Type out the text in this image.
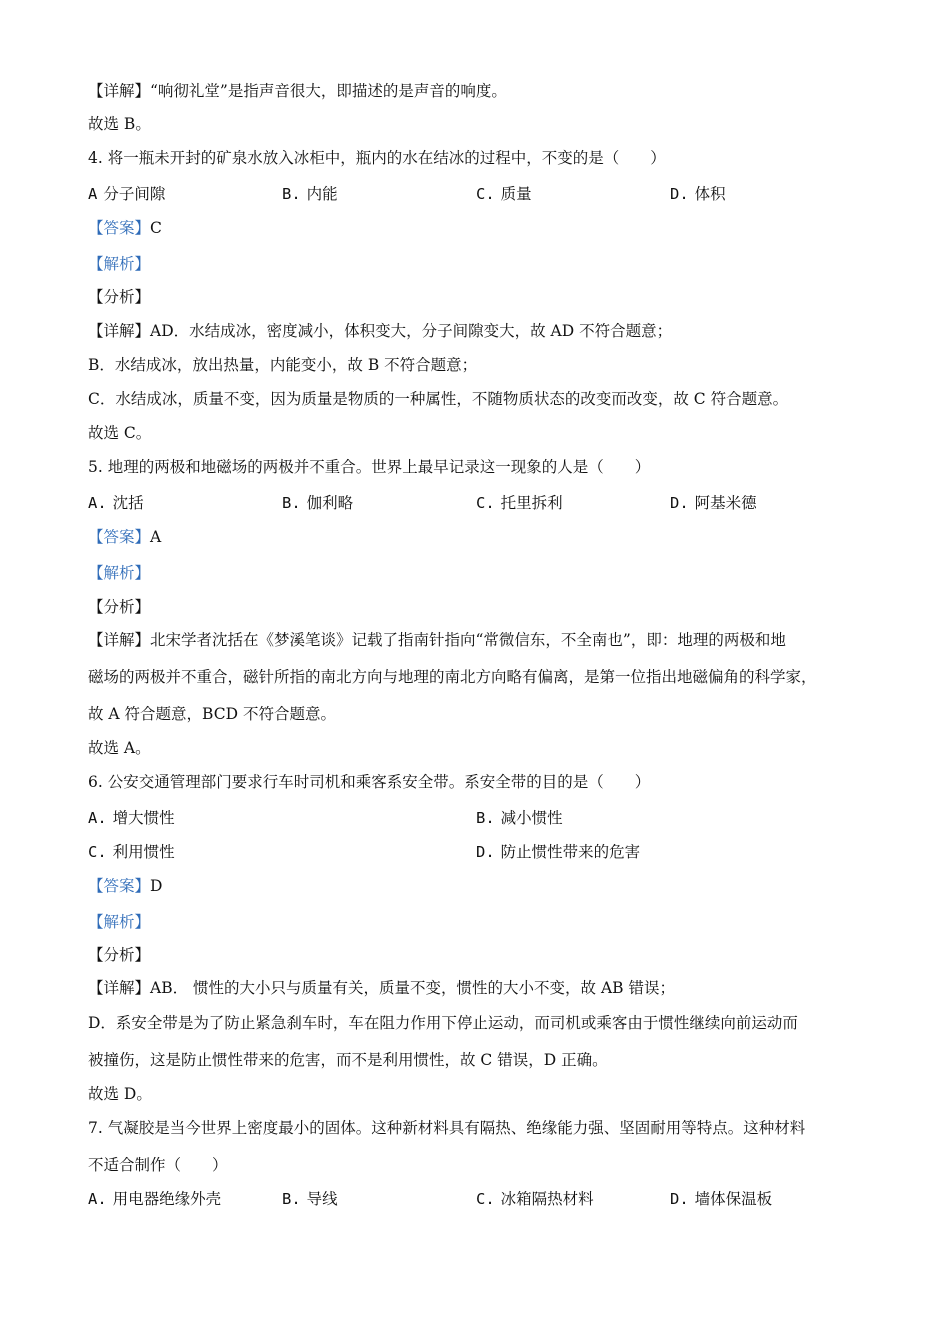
【详解】“响彻礼堂”是指声音很大，即描述的是声音的响度。
故选 B。
4. 将一瓶未开封的矿泉水放入冰柜中，瓶内的水在结冰的过程中，不变的是（　　）
A 分子间隙	B. 内能	C. 质量	D. 体积
【答案】C
【解析】
【分析】
【详解】AD．水结成冰，密度减小，体积变大，分子间隙变大，故 AD 不符合题意；
B．水结成冰，放出热量，内能变小，故 B 不符合题意；
C．水结成冰，质量不变，因为质量是物质的一种属性，不随物质状态的改变而改变，故 C 符合题意。
故选 C。
5. 地理的两极和地磁场的两极并不重合。世界上最早记录这一现象的人是（　　）
A. 沈括	B. 伽利略	C. 托里拆利	D. 阿基米德
【答案】A
【解析】
【分析】
【详解】北宋学者沈括在《梦溪笔谈》记载了指南针指向“常微信东，不全南也”，即：地理的两极和地
磁场的两极并不重合，磁针所指的南北方向与地理的南北方向略有偏离，是第一位指出地磁偏角的科学家，
故 A 符合题意，BCD 不符合题意。
故选 A。
6. 公安交通管理部门要求行车时司机和乘客系安全带。系安全带的目的是（　　）
A. 增大惯性	B. 减小惯性
C. 利用惯性	D. 防止惯性带来的危害
【答案】D
【解析】
【分析】
【详解】AB． 惯性的大小只与质量有关，质量不变，惯性的大小不变，故 AB 错误；
D．系安全带是为了防止紧急刹车时，车在阻力作用下停止运动，而司机或乘客由于惯性继续向前运动而
被撞伤，这是防止惯性带来的危害，而不是利用惯性，故 C 错误，D 正确。
故选 D。
7. 气凝胶是当今世界上密度最小的固体。这种新材料具有隔热、绝缘能力强、坚固耐用等特点。这种材料
不适合制作（　　）
A. 用电器绝缘外壳	B. 导线	C. 冰箱隔热材料	D. 墙体保温板
